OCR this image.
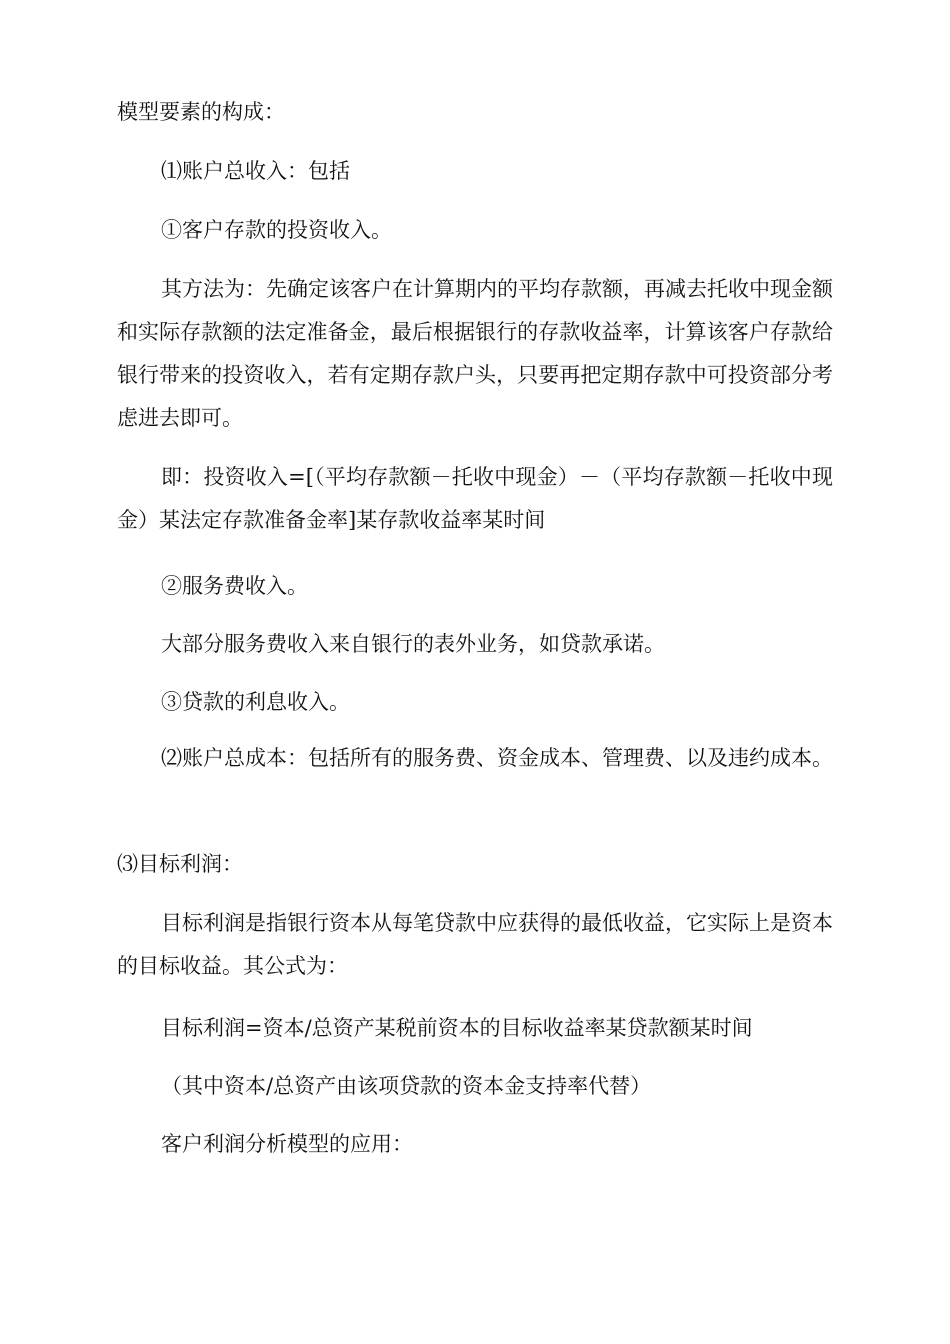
模型要素的构成：
⑴账户总收入：包括
①客户存款的投资收入。
其方法为：先确定该客户在计算期内的平均存款额，再减去托收中现金额和实际存款额的法定准备金，最后根据银行的存款收益率，计算该客户存款给银行带来的投资收入，若有定期存款户头，只要再把定期存款中可投资部分考虑进去即可。
即：投资收入=[（平均存款额－托收中现金）－（平均存款额－托收中现金）某法定存款准备金率]某存款收益率某时间
②服务费收入。
大部分服务费收入来自银行的表外业务，如贷款承诺。
③贷款的利息收入。
⑵账户总成本：包括所有的服务费、资金成本、管理费、以及违约成本。
⑶目标利润：
目标利润是指银行资本从每笔贷款中应获得的最低收益，它实际上是资本的目标收益。其公式为：
目标利润=资本/总资产某税前资本的目标收益率某贷款额某时间
（其中资本/总资产由该项贷款的资本金支持率代替）
客户利润分析模型的应用：
